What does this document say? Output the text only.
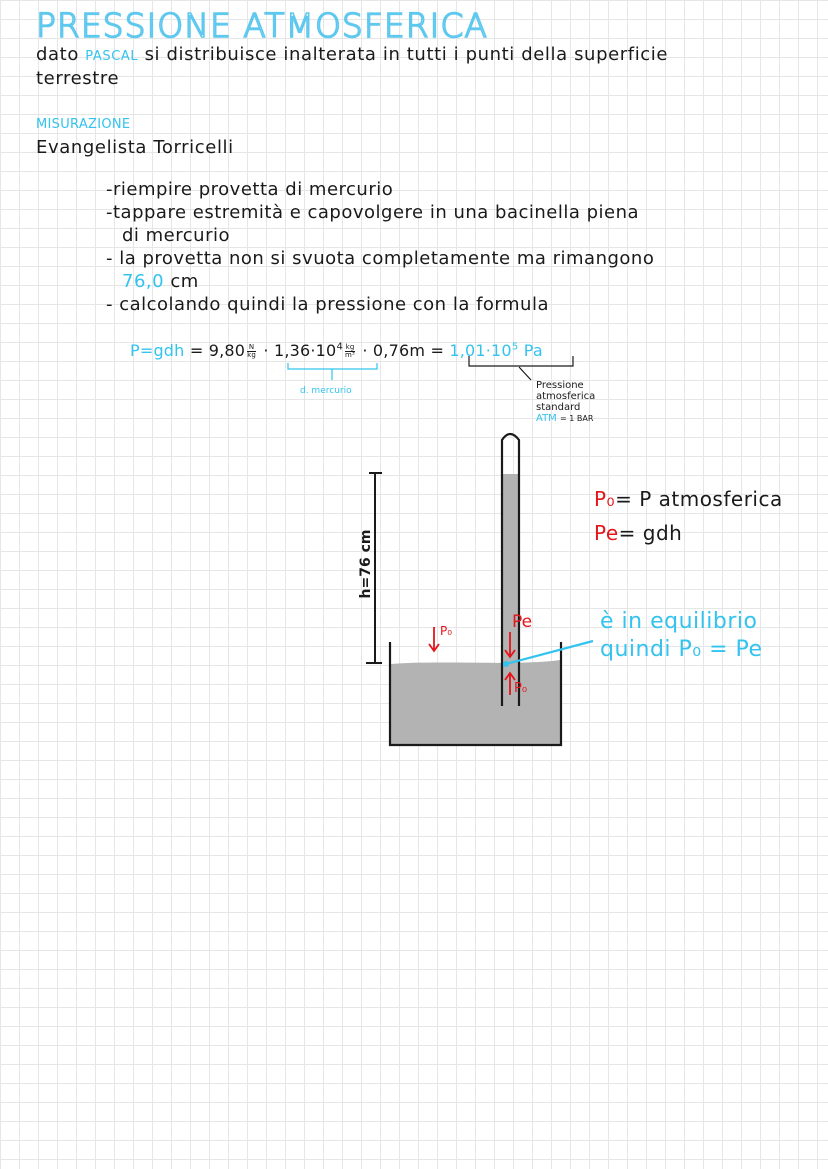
PRESSIONE ATMOSFERICA
dato PASCAL si distribuisce inalterata in tutti i punti della superficie
terrestre
MISURAZIONE
Evangelista Torricelli
-riempire provetta di mercurio
-tappare estremità e capovolgere in una bacinella piena
di mercurio
- la provetta non si svuota completamente ma rimangono
76,0 cm
- calcolando quindi la pressione con la formula
$P=gdh = 9,80 \frac{N}{kg} \cdot 1,36\cdot 10^4 \frac{kg}{\text{m³}} \cdot 0,76m = 1,01\cdot 10^5$ Pa
d. mercurio	Pressione
atmosferica
standard
ATM = 1 BAR
h=76 cm
P₀	Pe
P₀
P₀= P atmosferica
Pe= gdh
è in equilibrio
quindi P₀ = Pe
